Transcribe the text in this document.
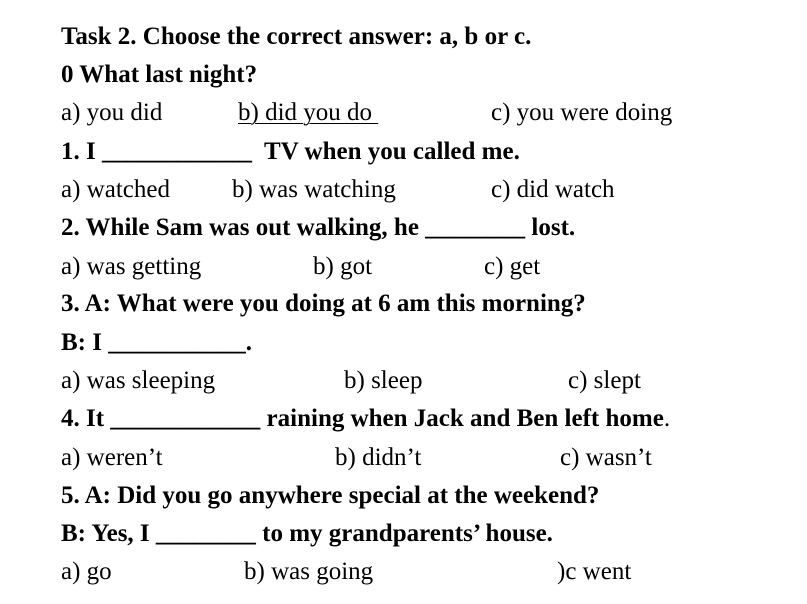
Task 2. Choose the correct answer: a, b or c.
0 What last night?
a) you did	b) did you do	c) you were doing
1. I ____________  TV when you called me.
a) watched b) was watching	c) did watch
2. While Sam was out walking, he ________ lost.
a) was getting	b) got	c) get
3. A: What were you doing at 6 am this morning?
B: I ___________.
a) was sleeping	b) sleep	c) slept
4. It ____________ raining when Jack and Ben left home.
a) weren’t	b) didn’t	c) wasn’t
5. A: Did you go anywhere special at the weekend?
B: Yes, I ________ to my grandparents’ house.
a) go	b) was going	)c went
